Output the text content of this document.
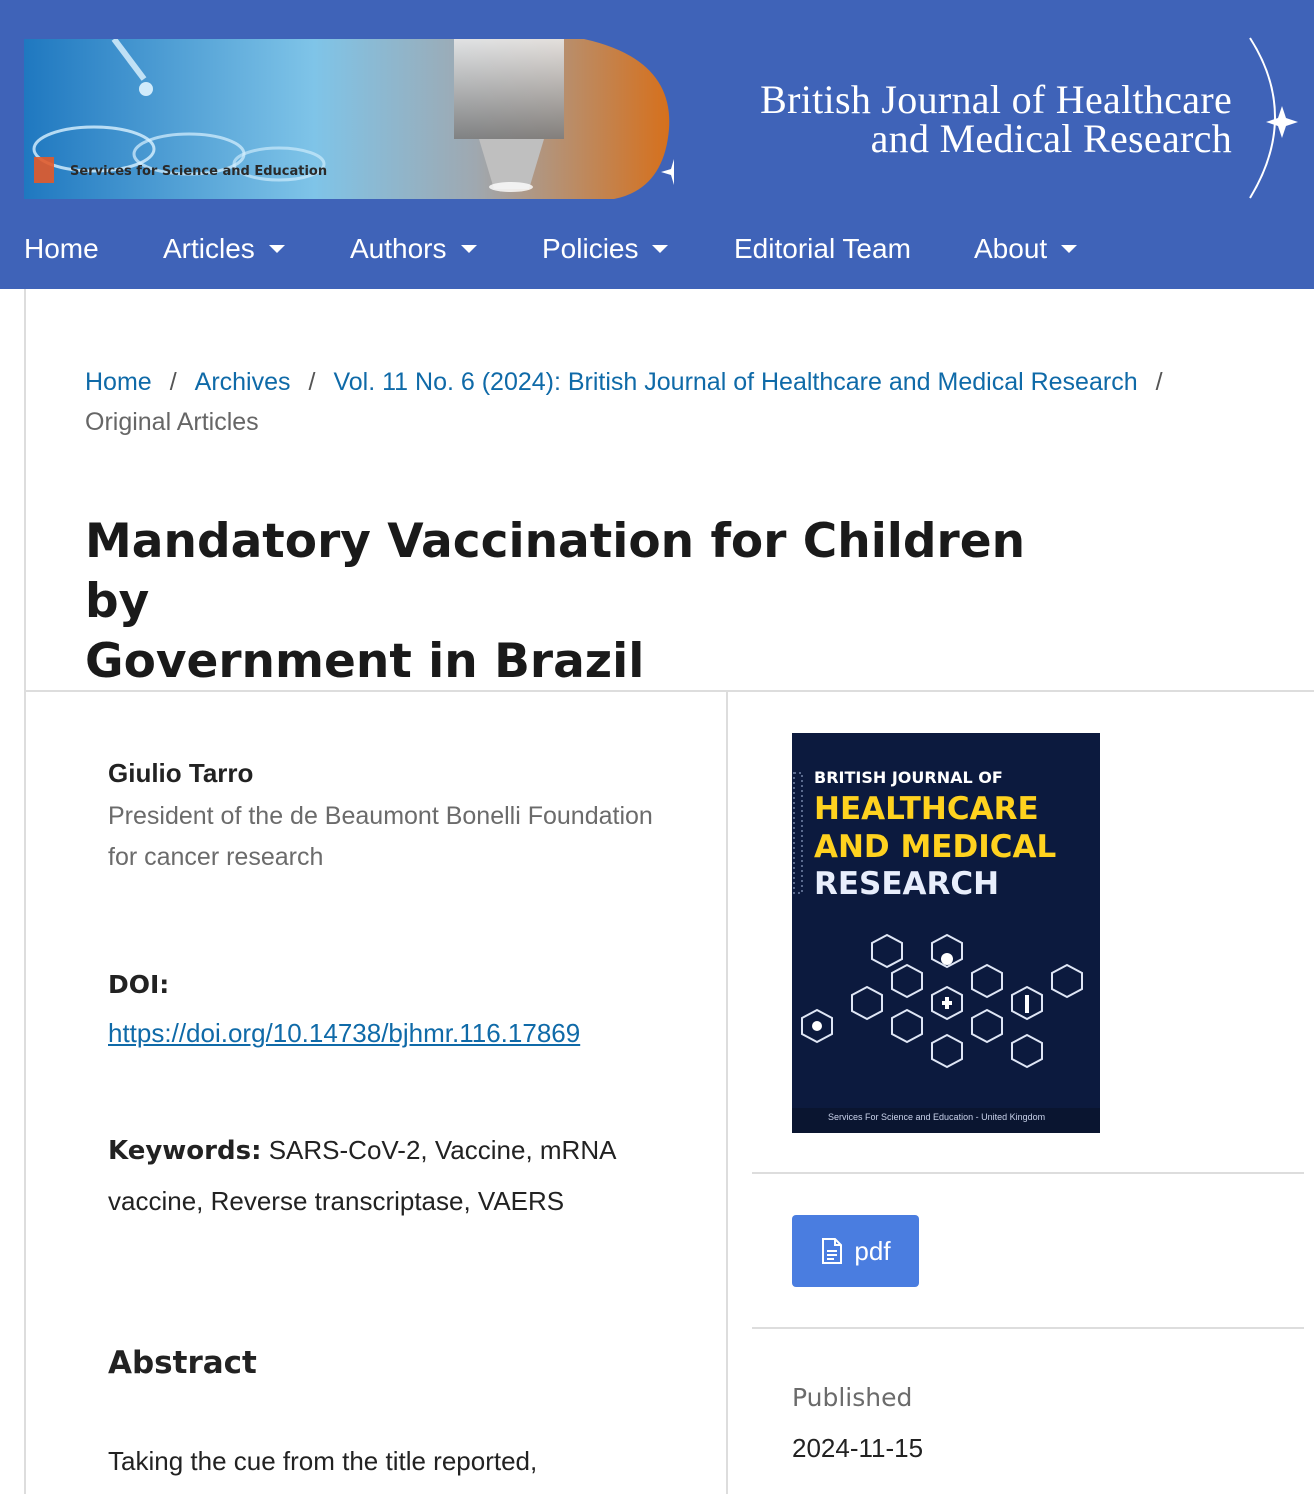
Services for Science and Education
British Journal of Healthcare
and Medical Research
Home Articles	Authors	Policies	Editorial Team About
Home / Archives / Vol. 11 No. 6 (2024): British Journal of Healthcare and Medical Research /
Original Articles
Mandatory Vaccination for Children by
Government in Brazil
Giulio Tarro
President of the de Beaumont Bonelli Foundation for cancer research
DOI:
https://doi.org/10.14738/bjhmr.116.17869
Keywords: SARS-CoV-2, Vaccine, mRNA vaccine, Reverse transcriptase, VAERS
Abstract

Taking the cue from the title reported,

BRITISH JOURNAL OF
HEALTHCARE
AND MEDICAL
RESEARCH
Services For Science and Education - United Kingdom
pdf
Published
2024-11-15
